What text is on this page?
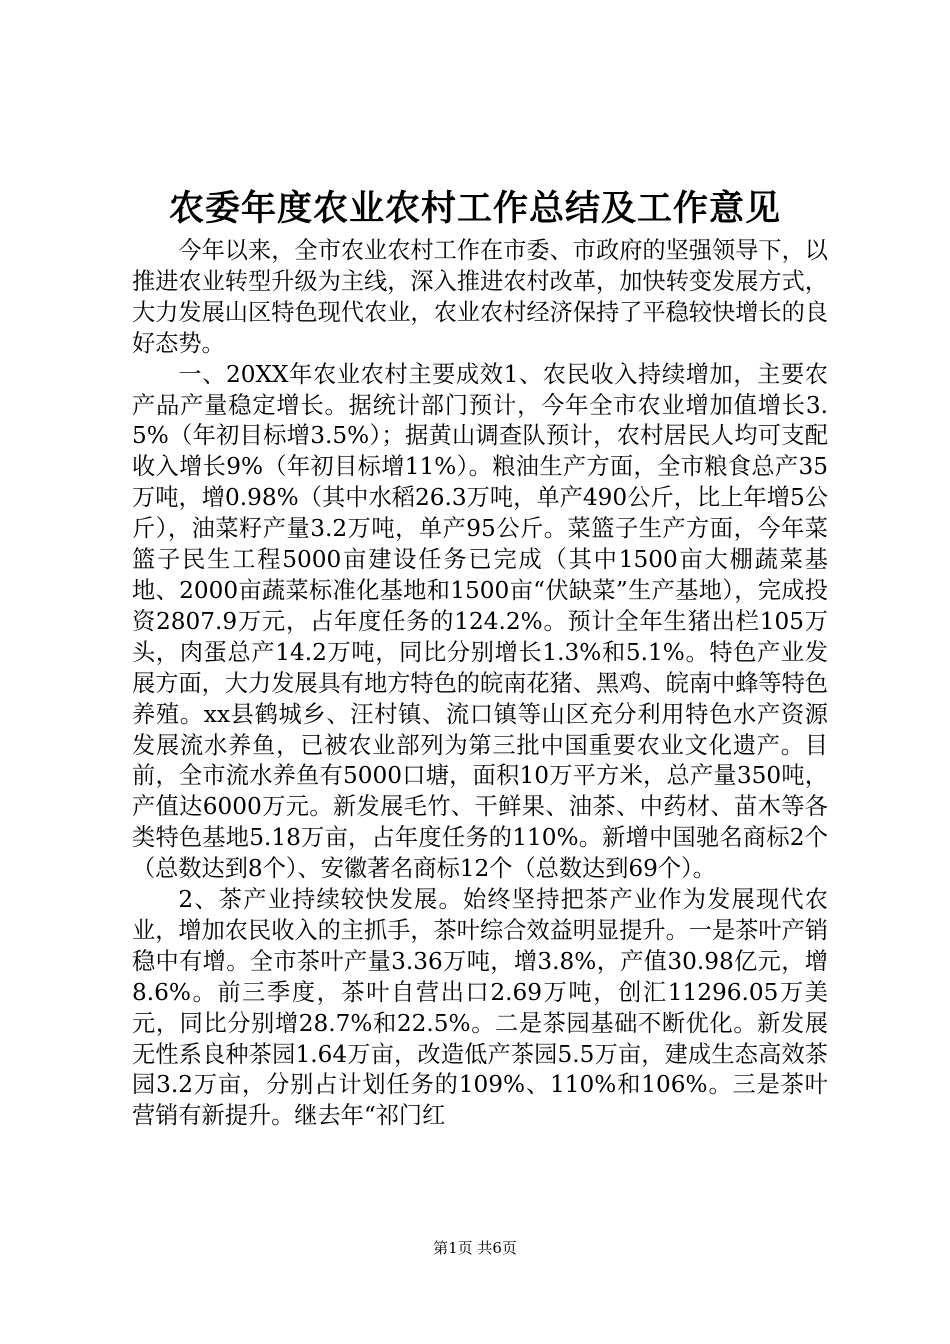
农委年度农业农村工作总结及工作意见

今年以来，全市农业农村工作在市委、市政府的坚强领导下，以推进农业转型升级为主线，深入推进农村改革，加快转变发展方式，大力发展山区特色现代农业，农业农村经济保持了平稳较快增长的良好态势。

一、20XX年农业农村主要成效1、农民收入持续增加，主要农产品产量稳定增长。据统计部门预计，今年全市农业增加值增长3.5%（年初目标增3.5%）；据黄山调查队预计，农村居民人均可支配收入增长9%（年初目标增11%）。粮油生产方面，全市粮食总产35万吨，增0.98%（其中水稻26.3万吨，单产490公斤，比上年增5公斤），油菜籽产量3.2万吨，单产95公斤。菜篮子生产方面，今年菜篮子民生工程5000亩建设任务已完成（其中1500亩大棚蔬菜基地、2000亩蔬菜标准化基地和1500亩“伏缺菜”生产基地），完成投资2807.9万元，占年度任务的124.2%。预计全年生猪出栏105万头，肉蛋总产14.2万吨，同比分别增长1.3%和5.1%。特色产业发展方面，大力发展具有地方特色的皖南花猪、黑鸡、皖南中蜂等特色养殖。xx县鹤城乡、汪村镇、流口镇等山区充分利用特色水产资源发展流水养鱼，已被农业部列为第三批中国重要农业文化遗产。目前，全市流水养鱼有5000口塘，面积10万平方米，总产量350吨，产值达6000万元。新发展毛竹、干鲜果、油茶、中药材、苗木等各类特色基地5.18万亩，占年度任务的110%。新增中国驰名商标2个（总数达到8个）、安徽著名商标12个（总数达到69个）。

2、茶产业持续较快发展。始终坚持把茶产业作为发展现代农业，增加农民收入的主抓手，茶叶综合效益明显提升。一是茶叶产销稳中有增。全市茶叶产量3.36万吨，增3.8%，产值30.98亿元，增8.6%。前三季度，茶叶自营出口2.69万吨，创汇11296.05万美元，同比分别增28.7%和22.5%。二是茶园基础不断优化。新发展无性系良种茶园1.64万亩，改造低产茶园5.5万亩，建成生态高效茶园3.2万亩，分别占计划任务的109%、110%和106%。三是茶叶营销有新提升。继去年“祁门红

第1页 共6页
